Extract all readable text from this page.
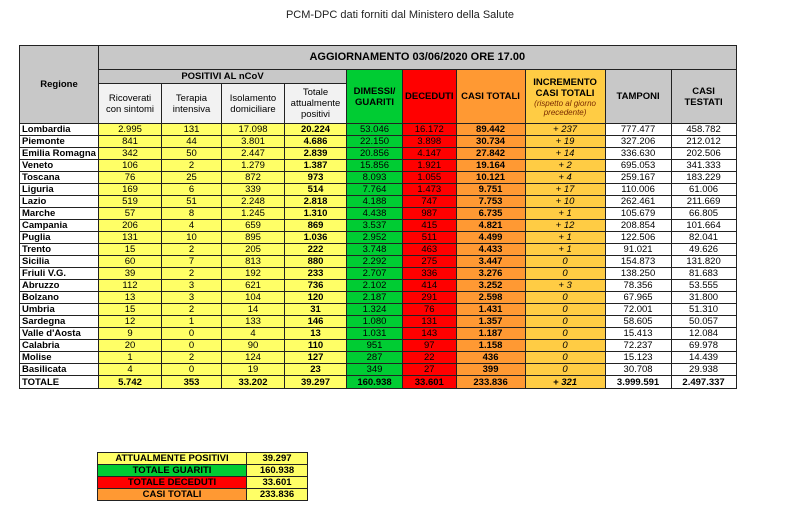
PCM-DPC dati forniti dal Ministero della Salute
Regione	AGGIORNAMENTO 03/06/2020 ORE 17.00									
	POSITIVI AL nCoV				DIMESSI/ GUARITI	DECEDUTI	CASI TOTALI	INCREMENTO CASI TOTALI
(rispetto al giorno precedente)	TAMPONI	CASI TESTATI
	Ricoverati con sintomi	Terapia intensiva	Isolamento domiciliare	Totale attualmente positivi						
Lombardia	2.995	131	17.098	20.224	53.046	16.172	89.442	+ 237	777.477	458.782
Piemonte	841	44	3.801	4.686	22.150	3.898	30.734	+ 19	327.206	212.012
Emilia Romagna	342	50	2.447	2.839	20.856	4.147	27.842	+ 14	336.630	202.506
Veneto	106	2	1.279	1.387	15.856	1.921	19.164	+ 2	695.053	341.333
Toscana	76	25	872	973	8.093	1.055	10.121	+ 4	259.167	183.229
Liguria	169	6	339	514	7.764	1.473	9.751	+ 17	110.006	61.006
Lazio	519	51	2.248	2.818	4.188	747	7.753	+ 10	262.461	211.669
Marche	57	8	1.245	1.310	4.438	987	6.735	+ 1	105.679	66.805
Campania	206	4	659	869	3.537	415	4.821	+ 12	208.854	101.664
Puglia	131	10	895	1.036	2.952	511	4.499	+ 1	122.506	82.041
Trento	15	2	205	222	3.748	463	4.433	+ 1	91.021	49.626
Sicilia	60	7	813	880	2.292	275	3.447	0	154.873	131.820
Friuli V.G.	39	2	192	233	2.707	336	3.276	0	138.250	81.683
Abruzzo	112	3	621	736	2.102	414	3.252	+ 3	78.356	53.555
Bolzano	13	3	104	120	2.187	291	2.598	0	67.965	31.800
Umbria	15	2	14	31	1.324	76	1.431	0	72.001	51.310
Sardegna	12	1	133	146	1.080	131	1.357	0	58.605	50.057
Valle d'Aosta	9	0	4	13	1.031	143	1.187	0	15.413	12.084
Calabria	20	0	90	110	951	97	1.158	0	72.237	69.978
Molise	1	2	124	127	287	22	436	0	15.123	14.439
Basilicata	4	0	19	23	349	27	399	0	30.708	29.938
TOTALE	5.742	353	33.202	39.297	160.938	33.601	233.836	+ 321	3.999.591	2.497.337
ATTUALMENTE POSITIVI	39.297
TOTALE GUARITI	160.938
TOTALE DECEDUTI	33.601
CASI TOTALI	233.836
